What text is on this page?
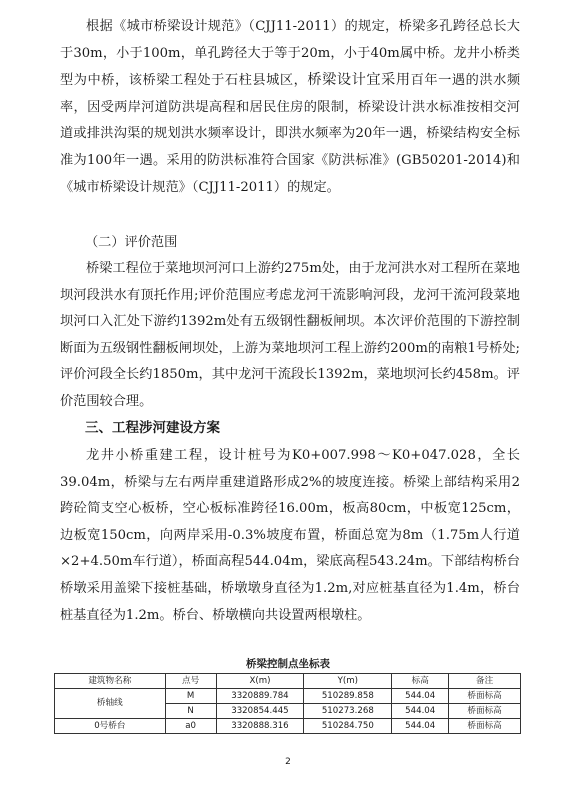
根据《城市桥梁设计规范》（CJJ11-2011）的规定，桥梁多孔跨径总长大于30m，小于100m，单孔跨径大于等于20m，小于40m属中桥。龙井小桥类型为中桥，该桥梁工程处于石柱县城区，桥梁设计宜采用百年一遇的洪水频率，因受两岸河道防洪堤高程和居民住房的限制，桥梁设计洪水标准按相交河道或排洪沟渠的规划洪水频率设计，即洪水频率为20年一遇，桥梁结构安全标准为100年一遇。采用的防洪标准符合国家《防洪标准》(GB50201-2014)和《城市桥梁设计规范》（CJJ11-2011）的规定。

（二）评价范围

桥梁工程位于菜地坝河河口上游约275m处，由于龙河洪水对工程所在菜地坝河段洪水有顶托作用;评价范围应考虑龙河干流影响河段，龙河干流河段菜地坝河口入汇处下游约1392m处有五级钢性翻板闸坝。本次评价范围的下游控制断面为五级钢性翻板闸坝处，上游为菜地坝河工程上游约200m的南粮1号桥处;评价河段全长约1850m，其中龙河干流段长1392m，菜地坝河长约458m。评价范围较合理。

三、工程涉河建设方案

龙井小桥重建工程，设计桩号为K0+007.998～K0+047.028，全长39.04m，桥梁与左右两岸重建道路形成2%的坡度连接。桥梁上部结构采用2跨砼简支空心板桥，空心板标准跨径16.00m，板高80cm，中板宽125cm，边板宽150cm，向两岸采用-0.3%坡度布置，桥面总宽为8m（1.75m人行道×2+4.50m车行道），桥面高程544.04m，梁底高程543.24m。下部结构桥台桥墩采用盖梁下接桩基础，桥墩墩身直径为1.2m,对应桩基直径为1.4m，桥台桩基直径为1.2m。桥台、桥墩横向共设置两根墩柱。

桥梁控制点坐标表

建筑物名称	点号	X(m)	Y(m)	标高	备注
桥轴线	M	3320889.784	510289.858	544.04	桥面标高
	N	3320854.445	510273.268	544.04	桥面标高
0号桥台	a0	3320888.316	510284.750	544.04	桥面标高
2
